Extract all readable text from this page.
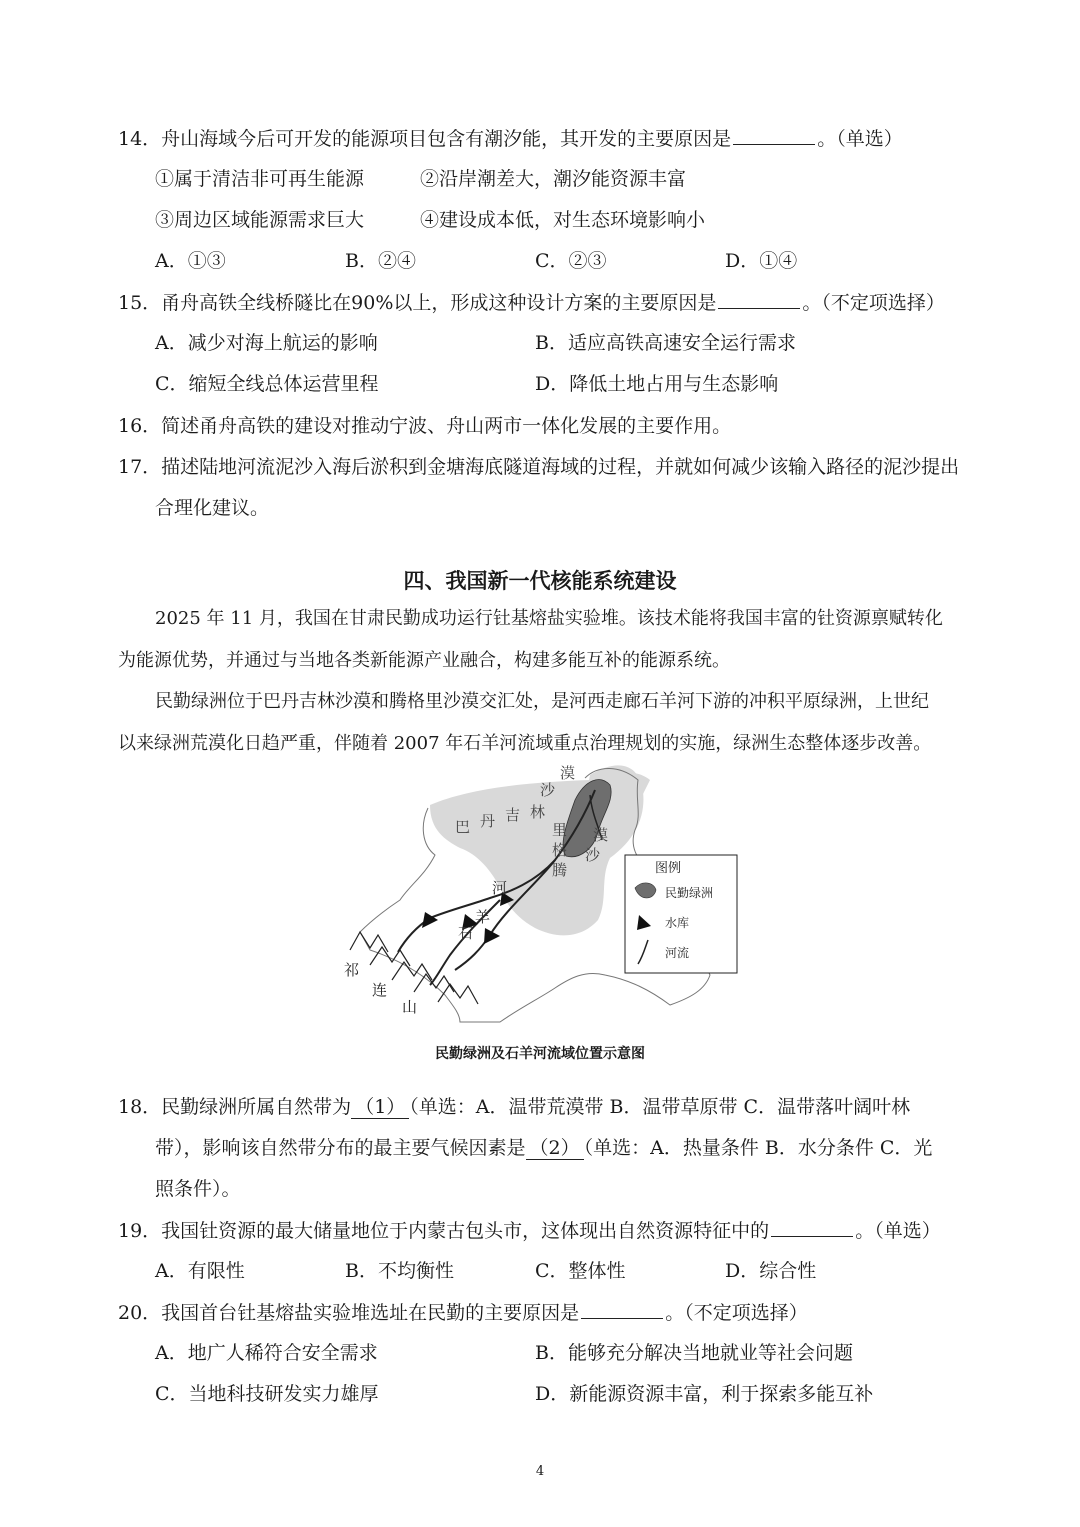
14．舟山海域今后可开发的能源项目包含有潮汐能，其开发的主要原因是	。（单选）
①属于清洁非可再生能源	②沿岸潮差大，潮汐能资源丰富
③周边区域能源需求巨大	④建设成本低，对生态环境影响小
A．①③	B．②④	C．②③	D．①④
15．甬舟高铁全线桥隧比在90%以上，形成这种设计方案的主要原因是	。（不定项选择）
A．减少对海上航运的影响	B．适应高铁高速安全运行需求
C．缩短全线总体运营里程	D．降低土地占用与生态影响
16．简述甬舟高铁的建设对推动宁波、舟山两市一体化发展的主要作用。
17．描述陆地河流泥沙入海后淤积到金塘海底隧道海域的过程，并就如何减少该输入路径的泥沙提出
合理化建议。
四、我国新一代核能系统建设
2025 年 11 月，我国在甘肃民勤成功运行钍基熔盐实验堆。该技术能将我国丰富的钍资源禀赋转化
为能源优势，并通过与当地各类新能源产业融合，构建多能互补的能源系统。
民勤绿洲位于巴丹吉林沙漠和腾格里沙漠交汇处，是河西走廊石羊河下游的冲积平原绿洲，上世纪
以来绿洲荒漠化日趋严重，伴随着 2007 年石羊河流域重点治理规划的实施，绿洲生态整体逐步改善。
巴 丹 吉 林
沙
漠
腾
格
里
沙
漠
河
羊
石
祁
连
山
图例
民勤绿洲
水库
河流
民勤绿洲及石羊河流域位置示意图
18．民勤绿洲所属自然带为 （1） （单选：A．温带荒漠带 B．温带草原带 C．温带落叶阔叶林
带），影响该自然带分布的最主要气候因素是 （2） （单选：A．热量条件 B．水分条件 C．光
照条件）。
19．我国钍资源的最大储量地位于内蒙古包头市，这体现出自然资源特征中的	。（单选）
A．有限性	B．不均衡性	C．整体性	D．综合性
20．我国首台钍基熔盐实验堆选址在民勤的主要原因是	。（不定项选择）
A．地广人稀符合安全需求	B．能够充分解决当地就业等社会问题
C．当地科技研发实力雄厚	D．新能源资源丰富，利于探索多能互补
4
